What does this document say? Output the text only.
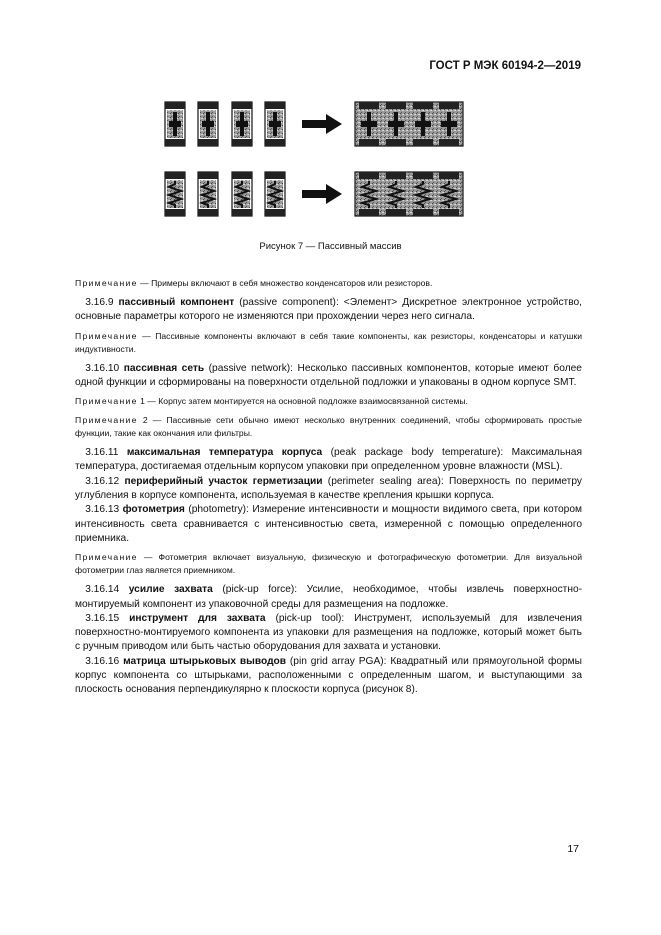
ГОСТ Р МЭК 60194-2—2019
Рисунок 7 — Пассивный массив
Примечание — Примеры включают в себя множество конденсаторов или резисторов.

3.16.9 пассивный компонент (passive component): <Элемент> Дискретное электронное устройство, основные параметры которого не изменяются при прохождении через него сигнала.

Примечание — Пассивные компоненты включают в себя такие компоненты, как резисторы, конденсаторы и катушки индуктивности.

3.16.10 пассивная сеть (passive network): Несколько пассивных компонентов, которые имеют более одной функции и сформированы на поверхности отдельной подложки и упакованы в одном корпусе SMT.

Примечание 1 — Корпус затем монтируется на основной подложке взаимосвязанной системы.
Примечание 2 — Пассивные сети обычно имеют несколько внутренних соединений, чтобы сформировать простые функции, такие как окончания или фильтры.

3.16.11 максимальная температура корпуса (peak package body temperature): Максимальная температура, достигаемая отдельным корпусом упаковки при определенном уровне влажности (MSL).

3.16.12 периферийный участок герметизации (perimeter sealing area): Поверхность по периметру углубления в корпусе компонента, используемая в качестве крепления крышки корпуса.

3.16.13 фотометрия (photometry): Измерение интенсивности и мощности видимого света, при котором интенсивность света сравнивается с интенсивностью света, измеренной с помощью определенного приемника.

Примечание — Фотометрия включает визуальную, физическую и фотографическую фотометрии. Для визуальной фотометрии глаз является приемником.

3.16.14 усилие захвата (pick-up force): Усилие, необходимое, чтобы извлечь поверхностно-монтируемый компонент из упаковочной среды для размещения на подложке.

3.16.15 инструмент для захвата (pick-up tool): Инструмент, используемый для извлечения поверхностно-монтируемого компонента из упаковки для размещения на подложке, который может быть с ручным приводом или быть частью оборудования для захвата и установки.

3.16.16 матрица штырьковых выводов (pin grid array PGA): Квадратный или прямоугольной формы корпус компонента со штырьками, расположенными с определенным шагом, и выступающими за плоскость основания перпендикулярно к плоскости корпуса (рисунок 8).

17
